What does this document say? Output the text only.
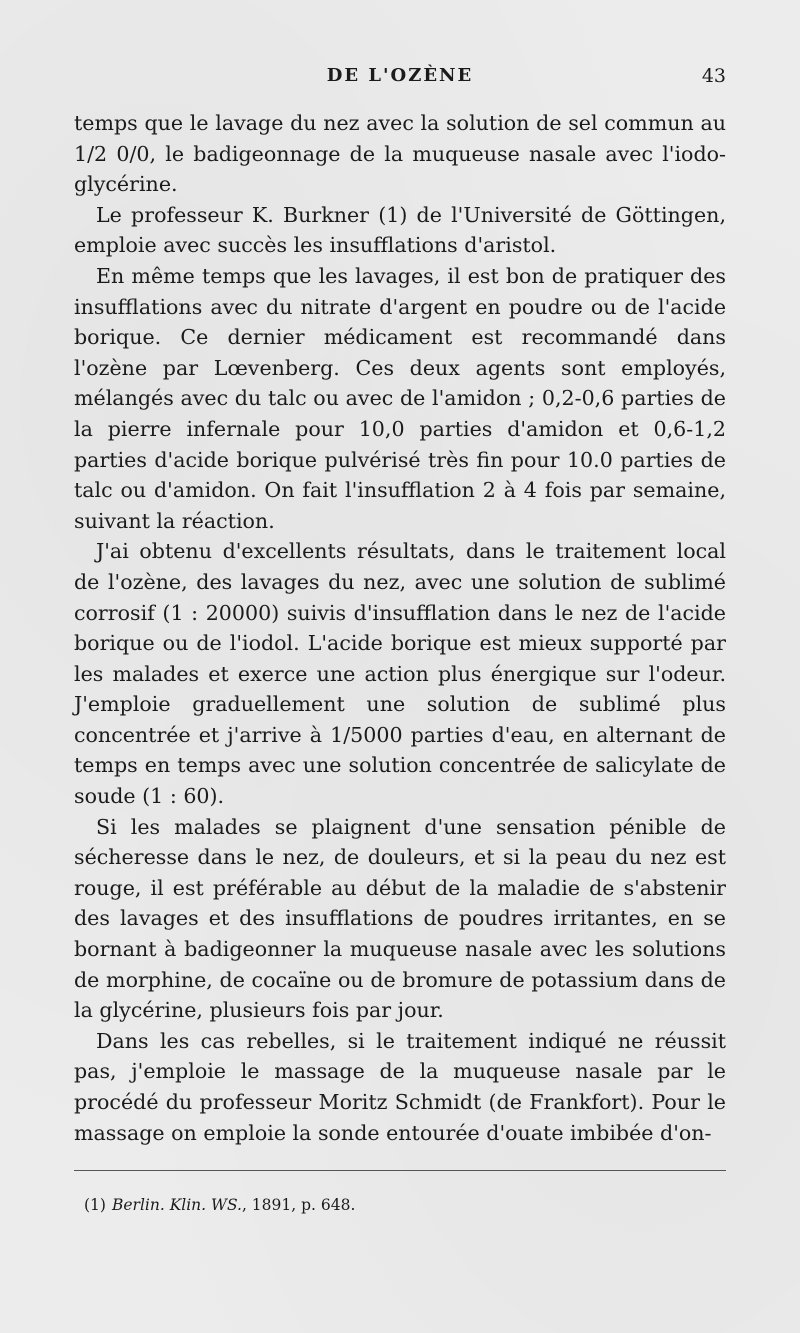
DE L'OZÈNE	43

temps que le lavage du nez avec la solution de sel commun au 1/2 0/0, le badigeonnage de la muqueuse nasale avec l'iodo-glycérine.

Le professeur K. Burkner (1) de l'Université de Göttingen, emploie avec succès les insufflations d'aristol.

En même temps que les lavages, il est bon de pratiquer des insufflations avec du nitrate d'argent en poudre ou de l'acide borique. Ce dernier médicament est recommandé dans l'ozène par Lœvenberg. Ces deux agents sont employés, mélangés avec du talc ou avec de l'amidon ; 0,2-0,6 parties de la pierre infernale pour 10,0 parties d'amidon et 0,6-1,2 parties d'acide borique pulvérisé très fin pour 10.0 parties de talc ou d'amidon. On fait l'insufflation 2 à 4 fois par semaine, suivant la réaction.

J'ai obtenu d'excellents résultats, dans le traitement local de l'ozène, des lavages du nez, avec une solution de sublimé corrosif (1 : 20000) suivis d'insufflation dans le nez de l'acide borique ou de l'iodol. L'acide borique est mieux supporté par les malades et exerce une action plus énergique sur l'odeur. J'emploie graduellement une solution de sublimé plus concentrée et j'arrive à 1/5000 parties d'eau, en alternant de temps en temps avec une solution concentrée de salicylate de soude (1 : 60).

Si les malades se plaignent d'une sensation pénible de sécheresse dans le nez, de douleurs, et si la peau du nez est rouge, il est préférable au début de la maladie de s'abstenir des lavages et des insufflations de poudres irritantes, en se bornant à badigeonner la muqueuse nasale avec les solutions de morphine, de cocaïne ou de bromure de potassium dans de la glycérine, plusieurs fois par jour.

Dans les cas rebelles, si le traitement indiqué ne réussit pas, j'emploie le massage de la muqueuse nasale par le procédé du professeur Moritz Schmidt (de Frankfort). Pour le massage on emploie la sonde entourée d'ouate imbibée d'on-

(1) Berlin. Klin. WS., 1891, p. 648.
